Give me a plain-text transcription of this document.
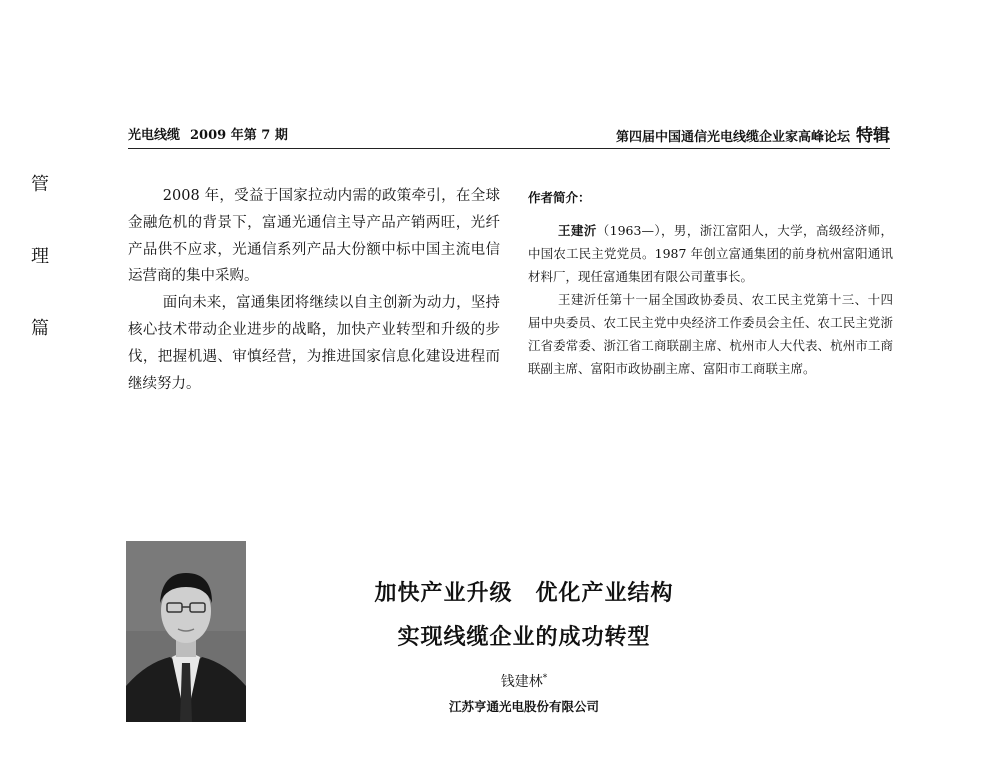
光电线缆 2009 年第 7 期	第四届中国通信光电线缆企业家高峰论坛 特辑
管
理
篇

2008 年，受益于国家拉动内需的政策牵引，在全球金融危机的背景下，富通光通信主导产品产销两旺，光纤产品供不应求，光通信系列产品大份额中标中国主流电信运营商的集中采购。

面向未来，富通集团将继续以自主创新为动力，坚持核心技术带动企业进步的战略，加快产业转型和升级的步伐，把握机遇、审慎经营，为推进国家信息化建设进程而继续努力。

作者简介：

王建沂（1963—），男，浙江富阳人，大学，高级经济师，中国农工民主党党员。1987 年创立富通集团的前身杭州富阳通讯材料厂，现任富通集团有限公司董事长。

王建沂任第十一届全国政协委员、农工民主党第十三、十四届中央委员、农工民主党中央经济工作委员会主任、农工民主党浙江省委常委、浙江省工商联副主席、杭州市人大代表、杭州市工商联副主席、富阳市政协副主席、富阳市工商联主席。

加快产业升级　优化产业结构
实现线缆企业的成功转型
钱建林*
江苏亨通光电股份有限公司
